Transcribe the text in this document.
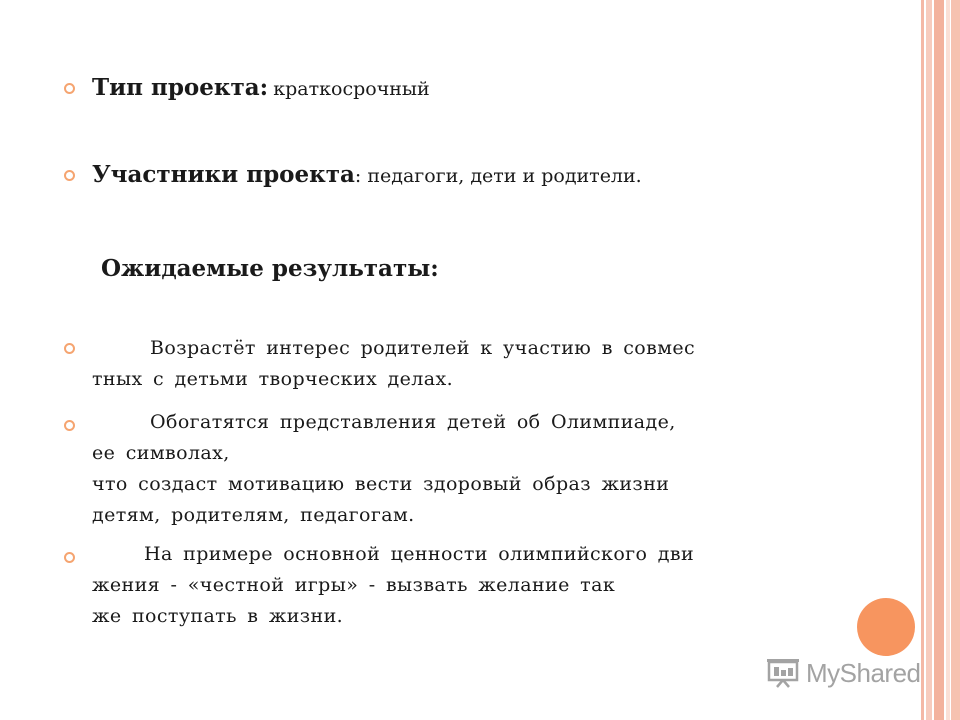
Тип проекта: краткосрочный
Участники проекта: педагоги, дети и родители.
Ожидаемые результаты:
Возрастёт интерес родителей к участию в совмес
тных с детьми творческих делах.
Обогатятся представления детей об Олимпиаде,
ее символах,
что создаст мотивацию вести здоровый образ жизни
детям, родителям, педагогам.
На примере основной ценности олимпийского дви
жения - «честной игры» - вызвать желание так
же поступать в жизни.
MyShared
